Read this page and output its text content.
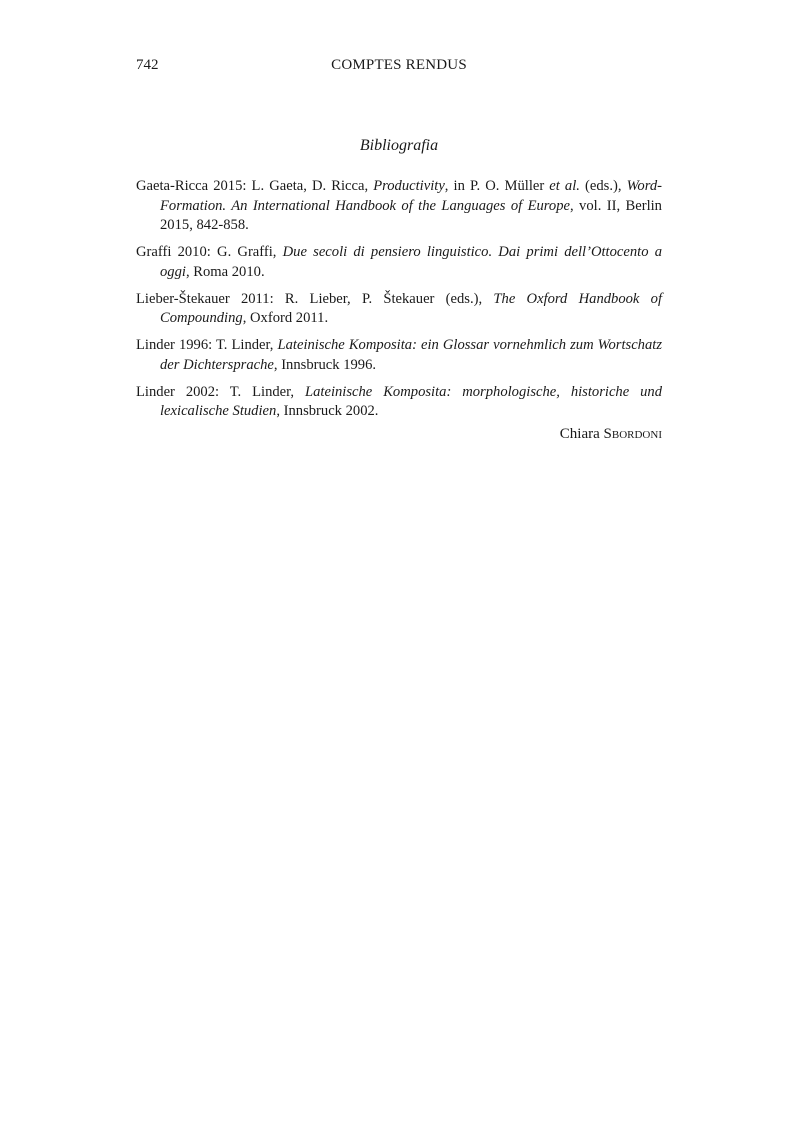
742	COMPTES RENDUS
Bibliografia
Gaeta-Ricca 2015: L. Gaeta, D. Ricca, Productivity, in P. O. Müller et al. (eds.), Word-Formation. An International Handbook of the Languages of Europe, vol. II, Berlin 2015, 842-858.
Graffi 2010: G. Graffi, Due secoli di pensiero linguistico. Dai primi dell’Ottocento a oggi, Roma 2010.
Lieber-Štekauer 2011: R. Lieber, P. Štekauer (eds.), The Oxford Handbook of Compounding, Oxford 2011.
Linder 1996: T. Linder, Lateinische Komposita: ein Glossar vornehmlich zum Wortschatz der Dichtersprache, Innsbruck 1996.
Linder 2002: T. Linder, Lateinische Komposita: morphologische, historiche und lexicalische Studien, Innsbruck 2002.
Chiara Sbordoni
